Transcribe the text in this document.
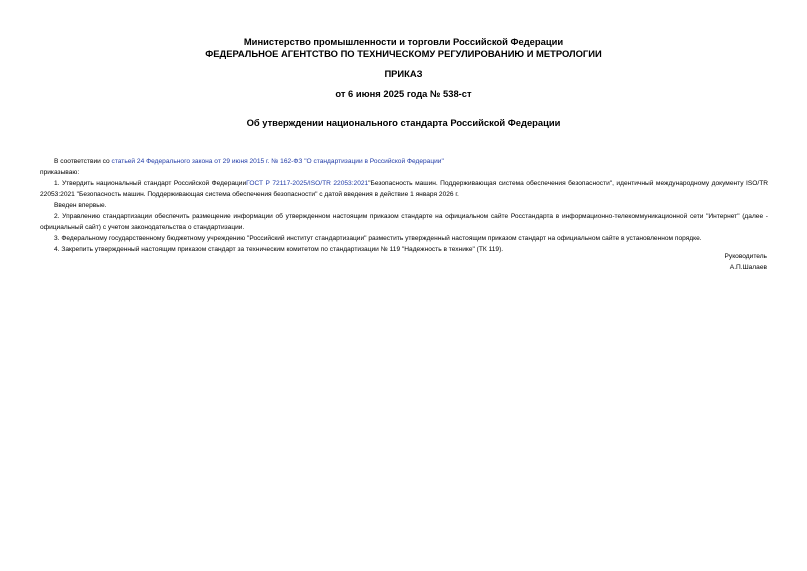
Министерство промышленности и торговли Российской Федерации
ФЕДЕРАЛЬНОЕ АГЕНТСТВО ПО ТЕХНИЧЕСКОМУ РЕГУЛИРОВАНИЮ И МЕТРОЛОГИИ
ПРИКАЗ
от 6 июня 2025 года № 538-ст
Об утверждении национального стандарта Российской Федерации

В соответствии со статьей 24 Федерального закона от 29 июня 2015 г. № 162-ФЗ "О стандартизации в Российской Федерации"

приказываю:

1. Утвердить национальный стандарт Российской ФедерацииГОСТ Р 72117-2025/ISO/TR 22053:2021"Безопасность машин. Поддерживающая система обеспечения безопасности", идентичный международному документу ISO/TR 22053:2021 "Безопасность машин. Поддерживающая система обеспечения безопасности" с датой введения в действие 1 января 2026 г.

Введен впервые.

2. Управлению стандартизации обеспечить размещение информации об утвержденном настоящим приказом стандарте на официальном сайте Росстандарта в информационно-телекоммуникационной сети "Интернет" (далее - официальный сайт) с учетом законодательства о стандартизации.

3. Федеральному государственному бюджетному учреждению "Российский институт стандартизации" разместить утвержденный настоящим приказом стандарт на официальном сайте в установленном порядке.

4. Закрепить утвержденный настоящим приказом стандарт за техническим комитетом по стандартизации № 119 "Надежность в технике" (ТК 119).

Руководитель
А.П.Шалаев
